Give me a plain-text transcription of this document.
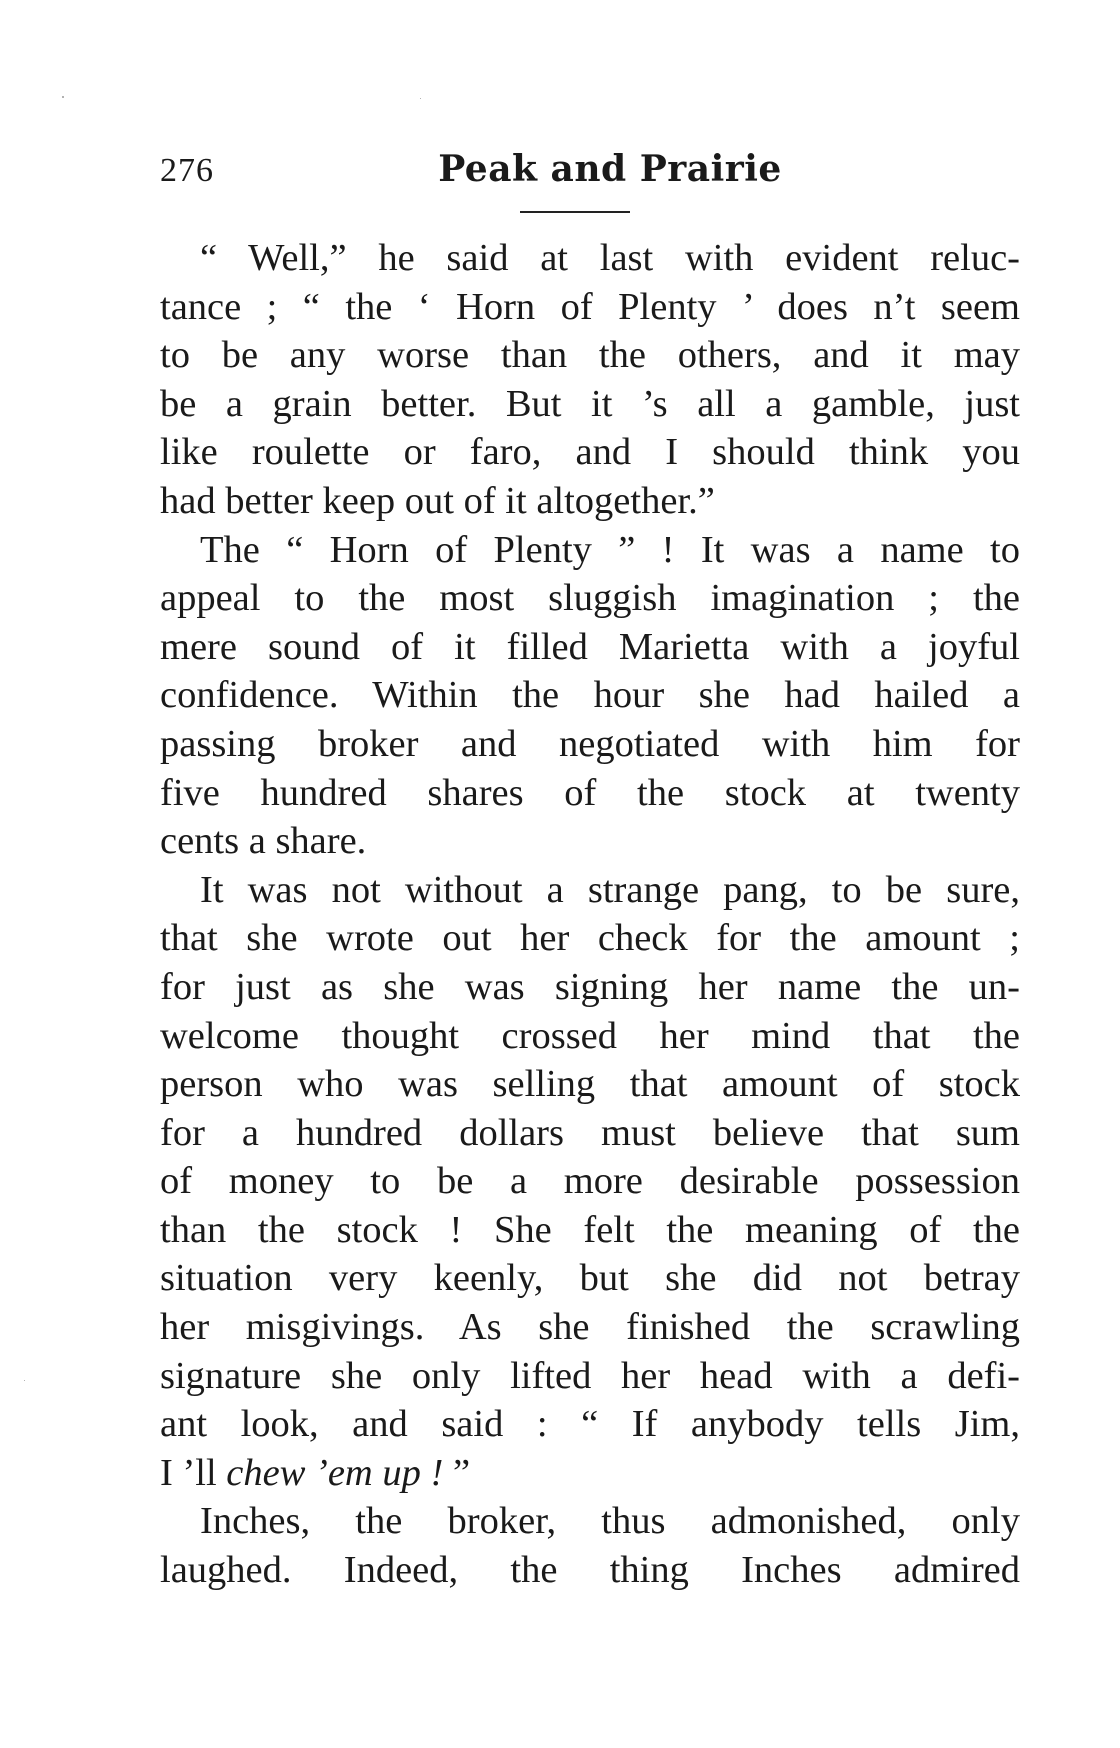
276	Peak and Prairie
“ Well,” he said at last with evident reluc-
tance ; “ the ‘ Horn of Plenty ’ does n’t seem
to be any worse than the others, and it may
be a grain better. But it ’s all a gamble, just
like roulette or faro, and I should think you
had better keep out of it altogether.”
The “ Horn of Plenty ” ! It was a name to
appeal to the most sluggish imagination ; the
mere sound of it filled Marietta with a joyful
confidence. Within the hour she had hailed a
passing broker and negotiated with him for
five hundred shares of the stock at twenty
cents a share.
It was not without a strange pang, to be sure,
that she wrote out her check for the amount ;
for just as she was signing her name the un-
welcome thought crossed her mind that the
person who was selling that amount of stock
for a hundred dollars must believe that sum
of money to be a more desirable possession
than the stock ! She felt the meaning of the
situation very keenly, but she did not betray
her misgivings. As she finished the scrawling
signature she only lifted her head with a defi-
ant look, and said : “ If anybody tells Jim,
I ’ll chew ’em up ! ”
Inches, the broker, thus admonished, only
laughed. Indeed, the thing Inches admired
